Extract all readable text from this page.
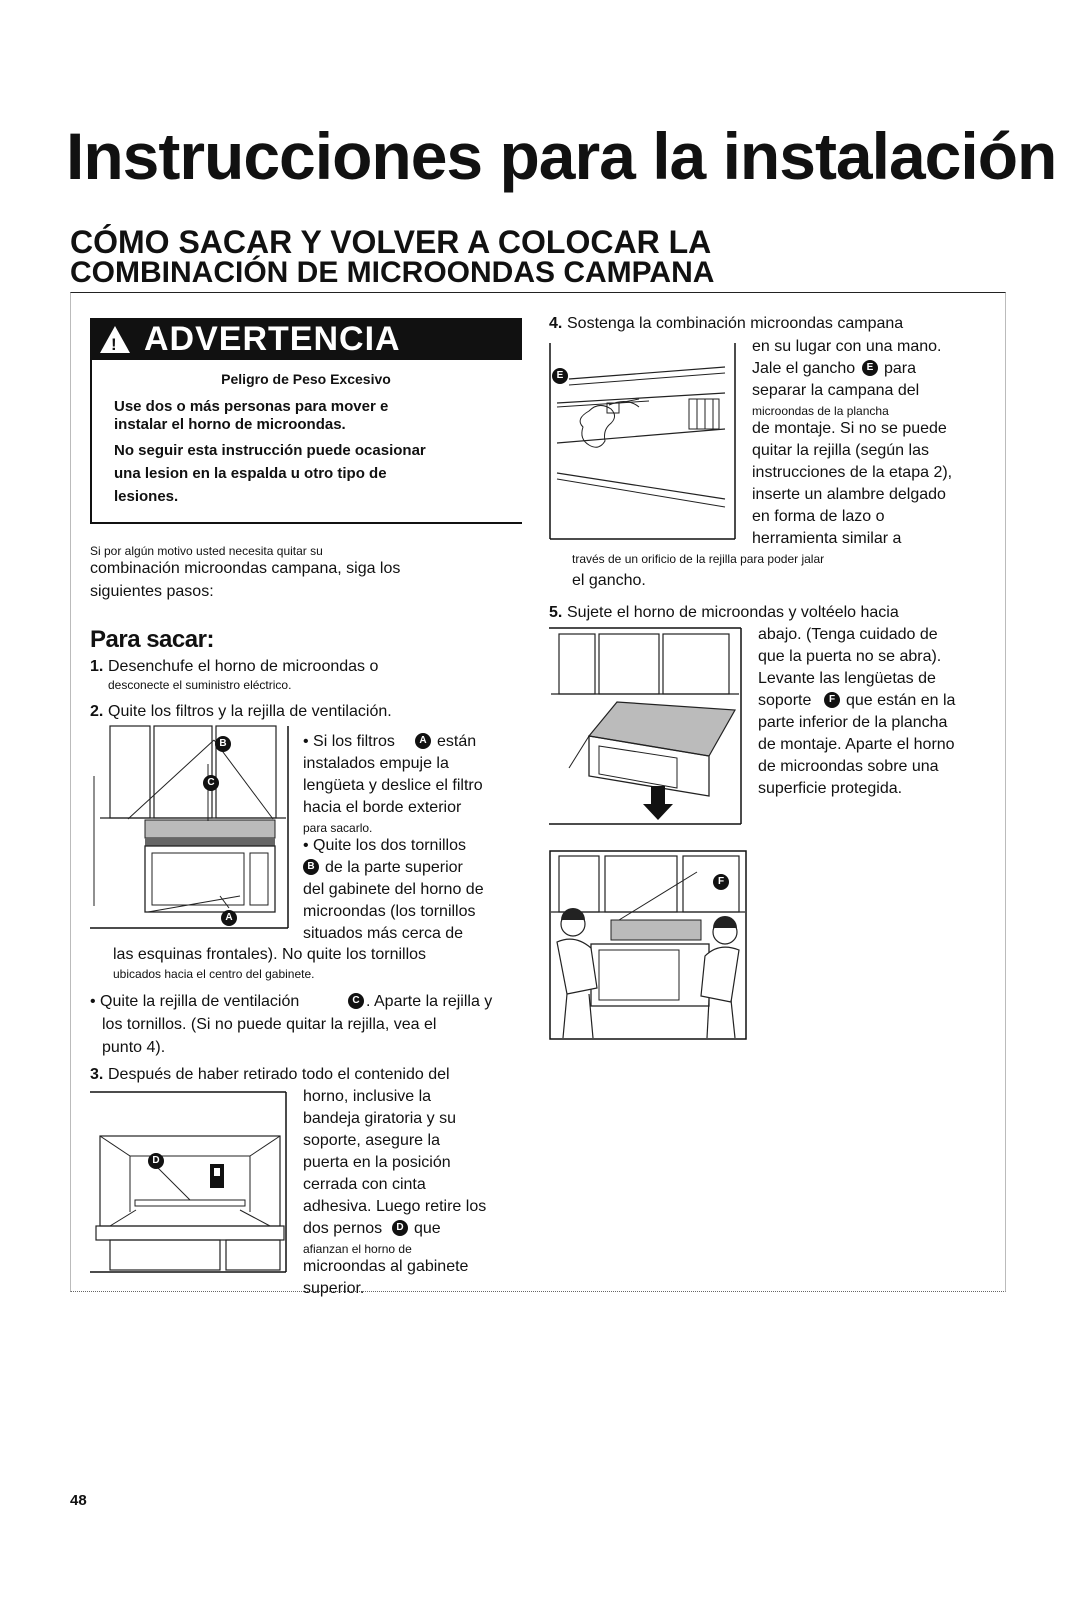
Instrucciones para la instalación
CÓMO SACAR Y VOLVER A COLOCAR LA
COMBINACIÓN DE MICROONDAS CAMPANA
ADVERTENCIA
!
Peligro de Peso Excesivo
Use dos o más personas para mover e
instalar el horno de microondas.
No seguir esta instrucción puede ocasionar
una lesion en la espalda u otro tipo de
lesiones.
Si por algún motivo usted necesita quitar su
combinación microondas campana, siga los
siguientes pasos:
Para sacar:
1. Desenchufe el horno de microondas o
desconecte el suministro eléctrico.
2. Quite los filtros y la rejilla de ventilación.
B
C
A
• Si los filtros	A están
instalados empuje la
lengüeta y deslice el filtro
hacia el borde exterior
para sacarlo.
• Quite los dos tornillos
B de la parte superior
del gabinete del horno de
microondas (los tornillos
situados más cerca de
las esquinas frontales). No quite los tornillos
ubicados hacia el centro del gabinete.
• Quite la rejilla de ventilación	C . Aparte la rejilla y
los tornillos. (Si no puede quitar la rejilla, vea el
punto 4).
3. Después de haber retirado todo el contenido del
D
horno, inclusive la
bandeja giratoria y su
soporte, asegure la
puerta en la posición
cerrada con cinta
adhesiva. Luego retire los
dos pernos	D que
afianzan el horno de
microondas al gabinete
superior.
4. Sostenga la combinación microondas campana
E
en su lugar con una mano.
Jale el gancho	E para
separar la campana del
microondas de la plancha
de montaje. Si no se puede
quitar la rejilla (según las
instrucciones de la etapa 2),
inserte un alambre delgado
en forma de lazo o
herramienta similar a
través de un orificio de la rejilla para poder jalar
el gancho.
5. Sujete el horno de microondas y voltéelo hacia
abajo. (Tenga cuidado de
que la puerta no se abra).
Levante las lengüetas de
soporte	F que están en la
parte inferior de la plancha
de montaje. Aparte el horno
de microondas sobre una
superficie protegida.
F
48
